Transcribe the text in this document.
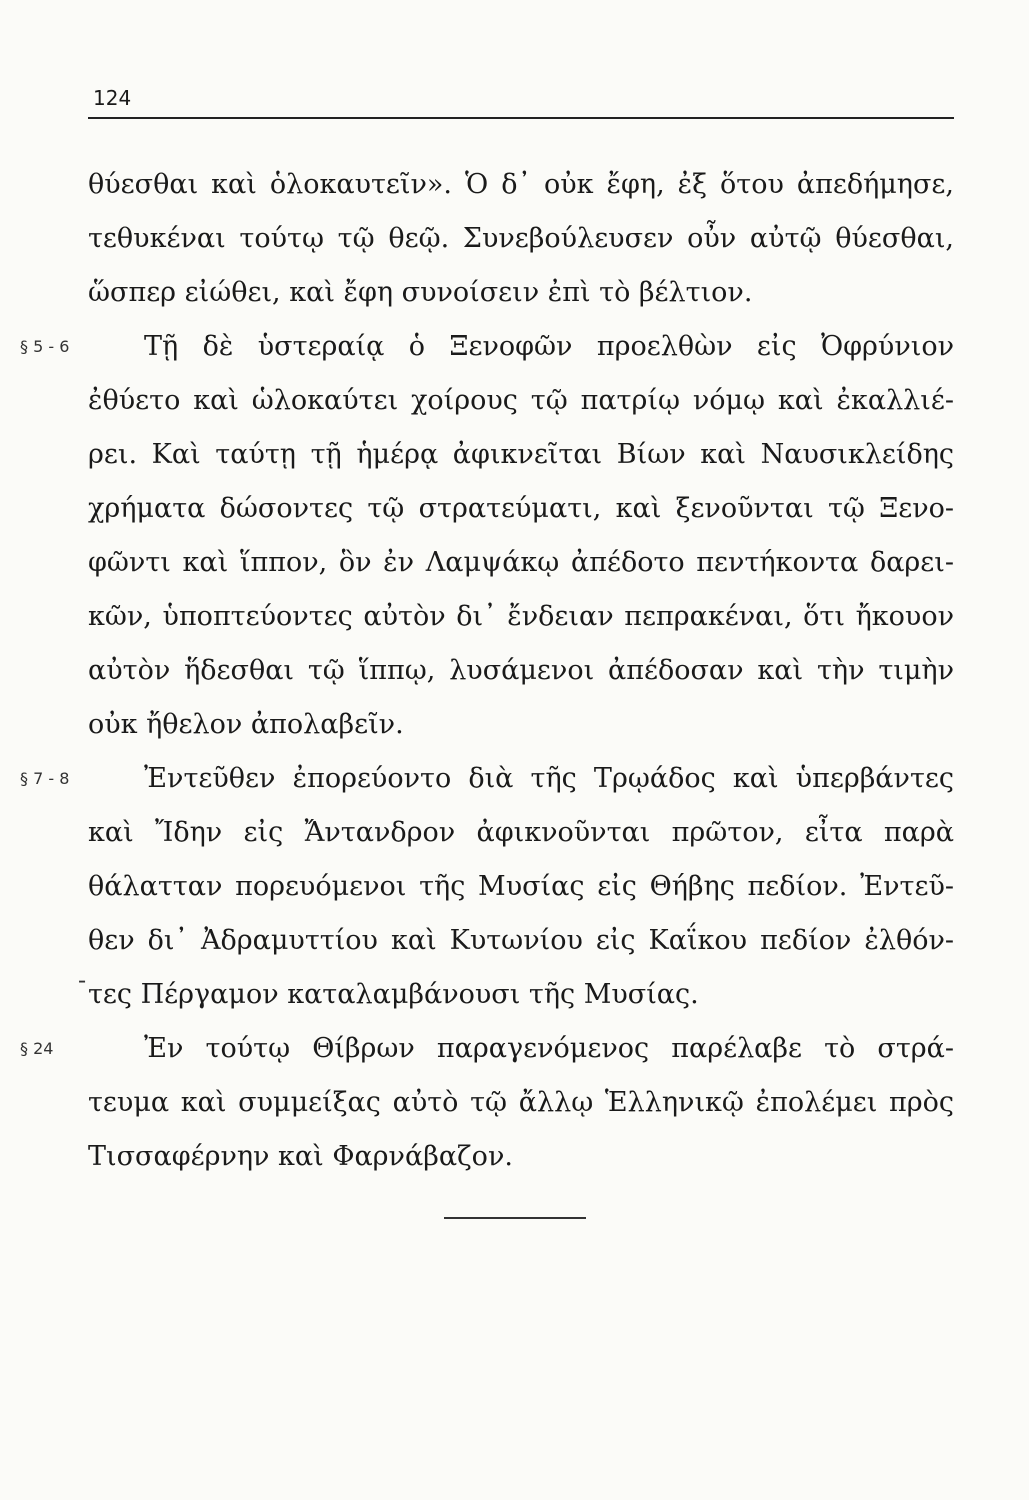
124
θύεσθαι καὶ ὁλοκαυτεῖν». Ὁ δ᾽ οὐκ ἔφη, ἐξ ὅτου ἀπεδήμησε,
τεθυκέναι τούτῳ τῷ θεῷ. Συνεβούλευσεν οὖν αὐτῷ θύεσθαι,
ὥσπερ εἰώθει, καὶ ἔφη συνοίσειν ἐπὶ τὸ βέλτιον.
§ 5 - 6	Τῇ δὲ ὑστεραίᾳ ὁ Ξενοφῶν προελθὼν εἰς Ὀφρύνιον
ἐθύετο καὶ ὡλοκαύτει χοίρους τῷ πατρίῳ νόμῳ καὶ ἐκαλλιέ-
ρει. Καὶ ταύτῃ τῇ ἡμέρᾳ ἀφικνεῖται Βίων καὶ Ναυσικλείδης
χρήματα δώσοντες τῷ στρατεύματι, καὶ ξενοῦνται τῷ Ξενο-
φῶντι καὶ ἵππον, ὃν ἐν Λαμψάκῳ ἀπέδοτο πεντήκοντα δαρει-
κῶν, ὑποπτεύοντες αὐτὸν δι᾽ ἔνδειαν πεπρακέναι, ὅτι ἤκουον
αὐτὸν ἥδεσθαι τῷ ἵππῳ, λυσάμενοι ἀπέδοσαν καὶ τὴν τιμὴν
οὐκ ἤθελον ἀπολαβεῖν.
§ 7 - 8	Ἐντεῦθεν ἐπορεύοντο διὰ τῆς Τρῳάδος καὶ ὑπερβάντες
καὶ Ἴδην εἰς Ἄντανδρον ἀφικνοῦνται πρῶτον, εἶτα παρὰ
θάλατταν πορευόμενοι τῆς Μυσίας εἰς Θήβης πεδίον. Ἐντεῦ-
θεν δι᾽ Ἀδραμυττίου καὶ Κυτωνίου εἰς Καΐκου πεδίον ἐλθόν-
τες Πέργαμον καταλαμβάνουσι τῆς Μυσίας.
§ 24	Ἐν τούτῳ Θίβρων παραγενόμενος παρέλαβε τὸ στρά-
τευμα καὶ συμμείξας αὐτὸ τῷ ἄλλῳ Ἑλληνικῷ ἐπολέμει πρὸς
Τισσαφέρνην καὶ Φαρνάβαζον.
-
